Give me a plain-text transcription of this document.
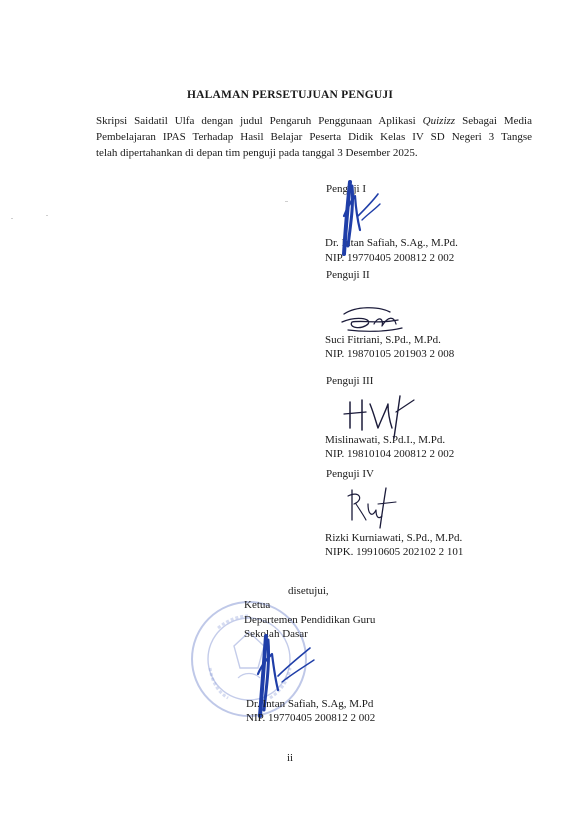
HALAMAN PERSETUJUAN PENGUJI
Skripsi Saidatil Ulfa dengan judul Pengaruh Penggunaan Aplikasi Quizizz Sebagai Media
Pembelajaran IPAS Terhadap Hasil Belajar Peserta Didik Kelas IV SD Negeri 3 Tangse
telah dipertahankan di depan tim penguji pada tanggal 3 Desember 2025.
Penguji I
Dr. Intan Safiah, S.Ag., M.Pd.
NIP. 19770405 200812 2 002
Penguji II
Suci Fitriani, S.Pd., M.Pd.
NIP. 19870105 201903 2 008
Penguji III
Mislinawati, S.Pd.I., M.Pd.
NIP. 19810104 200812 2 002
Penguji IV
Rizki Kurniawati, S.Pd., M.Pd.
NIPK. 19910605 202102 2 101
disetujui,
Ketua
Departemen Pendidikan Guru
Sekolah Dasar
Dr. Intan Safiah, S.Ag, M.Pd
NIP. 19770405 200812 2 002
ii
